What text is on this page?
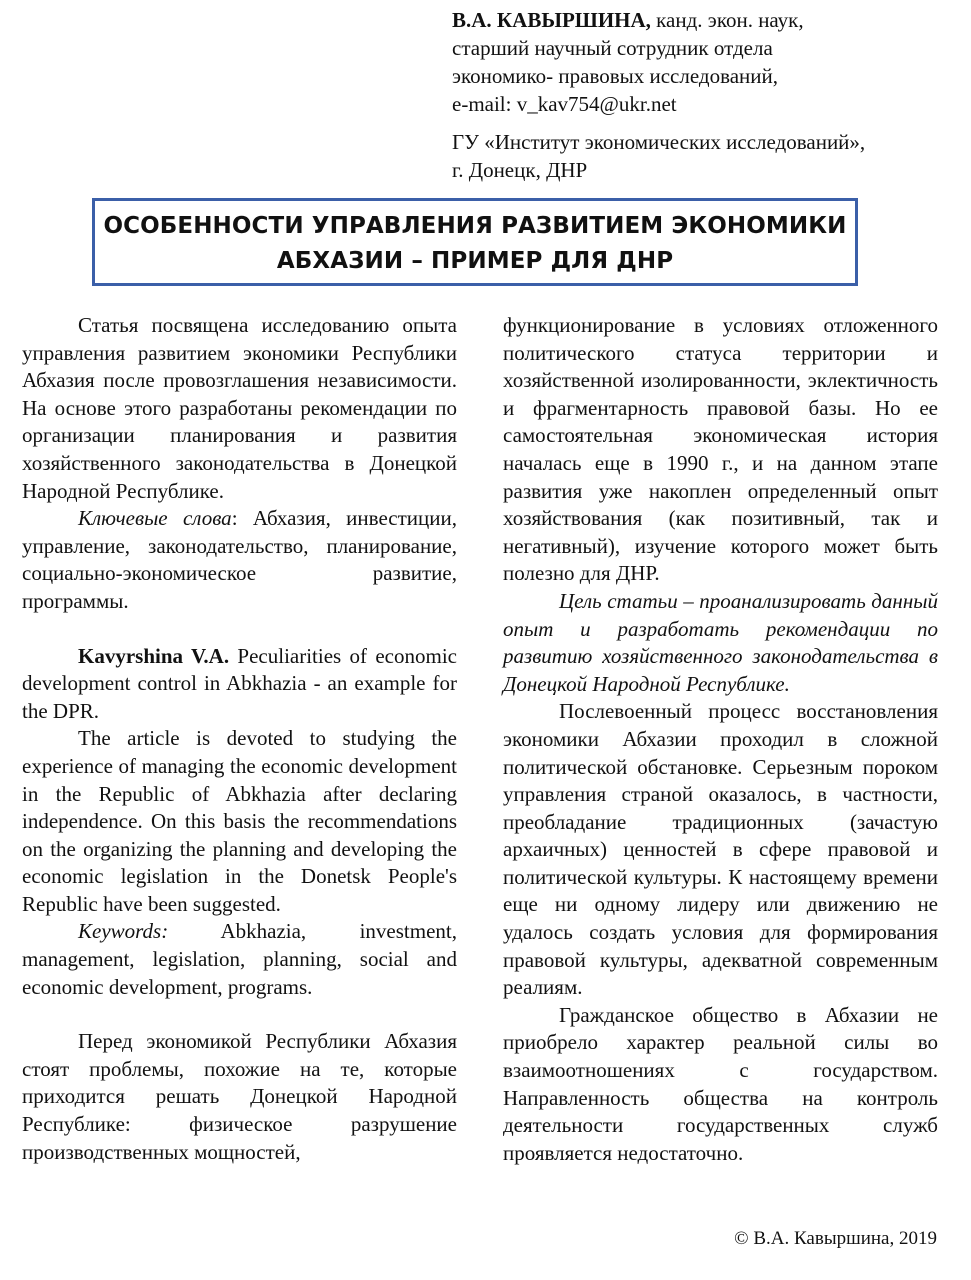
В.А. КАВЫРШИНА, канд. экон. наук,
старший научный сотрудник отдела
экономико- правовых исследований,
e-mail: v_kav754@ukr.net
ГУ «Институт экономических исследований»,
г. Донецк, ДНР
ОСОБЕННОСТИ УПРАВЛЕНИЯ РАЗВИТИЕМ ЭКОНОМИКИ
АБХАЗИИ – ПРИМЕР ДЛЯ ДНР

Статья посвящена исследованию опыта управления развитием экономики Республики Абхазия после провозглашения независимости. На основе этого разработаны рекомендации по организации планирования и развития хозяйственного законодательства в Донецкой Народной Республике.

Ключевые слова: Абхазия, инвестиции, управление, законодательство, планирование, социально-экономическое развитие, программы.

Kavyrshina V.A. Peculiarities of economic development control in Abkhazia - an example for the DPR.

The article is devoted to studying the experience of managing the economic development in the Republic of Abkhazia after declaring independence. On this basis the recommendations on the organizing the planning and developing the economic legislation in the Donetsk People's Republic have been suggested.

Keywords: Abkhazia, investment, management, legislation, planning, social and economic development, programs.

Перед экономикой Республики Абхазия стоят проблемы, похожие на те, которые приходится решать Донецкой Народной Республике: физическое разрушение производственных мощностей,

функционирование в условиях отложенного политического статуса территории и хозяйственной изолированности, эклектичность и фрагментарность правовой базы. Но ее самостоятельная экономическая история началась еще в 1990 г., и на данном этапе развития уже накоплен определенный опыт хозяйствования (как позитивный, так и негативный), изучение которого может быть полезно для ДНР.

Цель статьи – проанализировать данный опыт и разработать рекомендации по развитию хозяйственного законодательства в Донецкой Народной Республике.

Послевоенный процесс восстановления экономики Абхазии проходил в сложной политической обстановке. Серьезным пороком управления страной оказалось, в частности, преобладание традиционных (зачастую архаичных) ценностей в сфере правовой и политической культуры. К настоящему времени еще ни одному лидеру или движению не удалось создать условия для формирования правовой культуры, адекватной современным реалиям.

Гражданское общество в Абхазии не приобрело характер реальной силы во взаимоотношениях с государством. Направленность общества на контроль деятельности государственных служб проявляется недостаточно.

© В.А. Кавыршина, 2019
